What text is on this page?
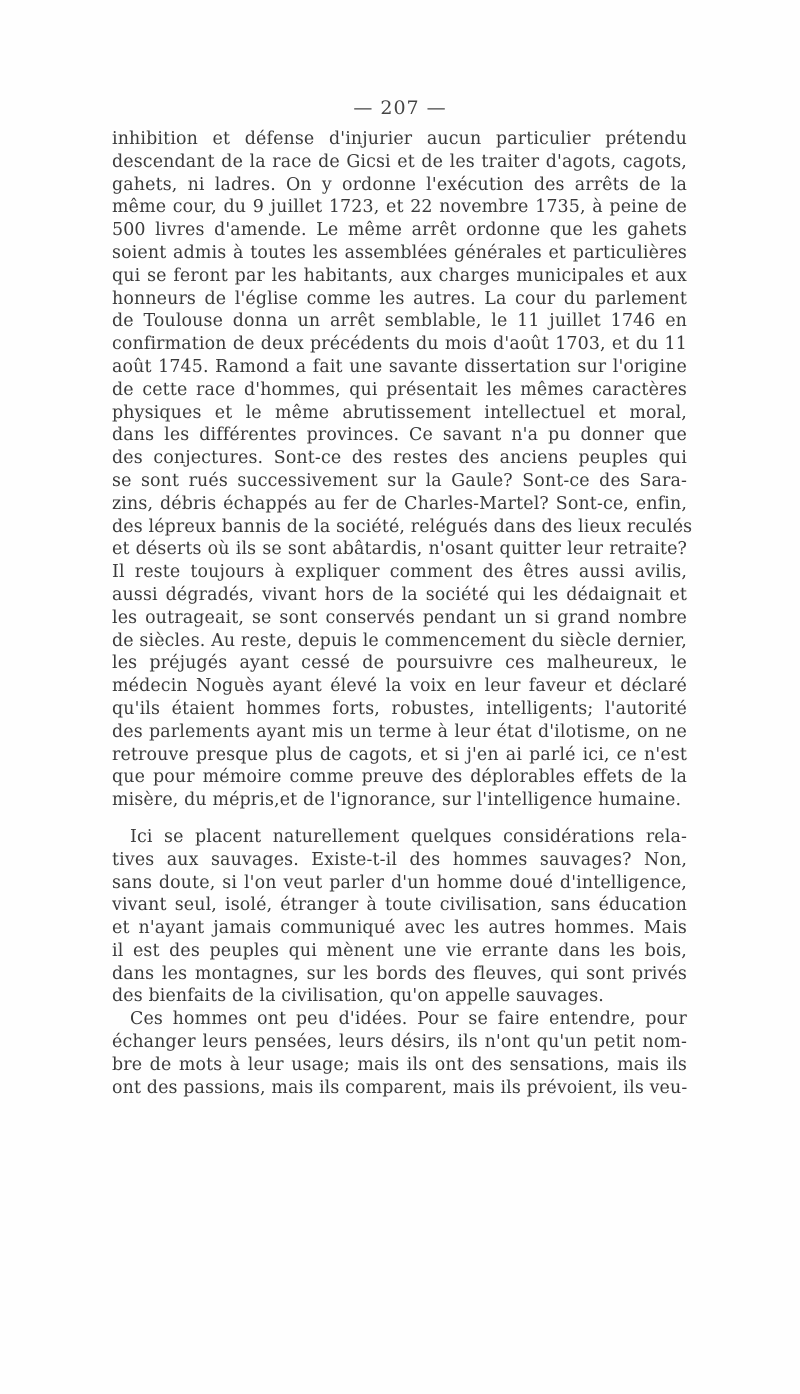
— 207 —
inhibition et défense d'injurier aucun particulier prétendu
descendant de la race de Gicsi et de les traiter d'agots, cagots,
gahets, ni ladres. On y ordonne l'exécution des arrêts de la
même cour, du 9 juillet 1723, et 22 novembre 1735, à peine de
500 livres d'amende. Le même arrêt ordonne que les gahets
soient admis à toutes les assemblées générales et particulières
qui se feront par les habitants, aux charges municipales et aux
honneurs de l'église comme les autres. La cour du parlement
de Toulouse donna un arrêt semblable, le 11 juillet 1746 en
confirmation de deux précédents du mois d'août 1703, et du 11
août 1745. Ramond a fait une savante dissertation sur l'origine
de cette race d'hommes, qui présentait les mêmes caractères
physiques et le même abrutissement intellectuel et moral,
dans les différentes provinces. Ce savant n'a pu donner que
des conjectures. Sont-ce des restes des anciens peuples qui
se sont rués successivement sur la Gaule? Sont-ce des Sara-
zins, débris échappés au fer de Charles-Martel? Sont-ce, enfin,
des lépreux bannis de la société, relégués dans des lieux reculés
et déserts où ils se sont abâtardis, n'osant quitter leur retraite?
Il reste toujours à expliquer comment des êtres aussi avilis,
aussi dégradés, vivant hors de la société qui les dédaignait et
les outrageait, se sont conservés pendant un si grand nombre
de siècles. Au reste, depuis le commencement du siècle dernier,
les préjugés ayant cessé de poursuivre ces malheureux, le
médecin Noguès ayant élevé la voix en leur faveur et déclaré
qu'ils étaient hommes forts, robustes, intelligents; l'autorité
des parlements ayant mis un terme à leur état d'ilotisme, on ne
retrouve presque plus de cagots, et si j'en ai parlé ici, ce n'est
que pour mémoire comme preuve des déplorables effets de la
misère, du mépris,et de l'ignorance, sur l'intelligence humaine.
Ici se placent naturellement quelques considérations rela-
tives aux sauvages. Existe-t-il des hommes sauvages? Non,
sans doute, si l'on veut parler d'un homme doué d'intelligence,
vivant seul, isolé, étranger à toute civilisation, sans éducation
et n'ayant jamais communiqué avec les autres hommes. Mais
il est des peuples qui mènent une vie errante dans les bois,
dans les montagnes, sur les bords des fleuves, qui sont privés
des bienfaits de la civilisation, qu'on appelle sauvages.
Ces hommes ont peu d'idées. Pour se faire entendre, pour
échanger leurs pensées, leurs désirs, ils n'ont qu'un petit nom-
bre de mots à leur usage; mais ils ont des sensations, mais ils
ont des passions, mais ils comparent, mais ils prévoient, ils veu-
